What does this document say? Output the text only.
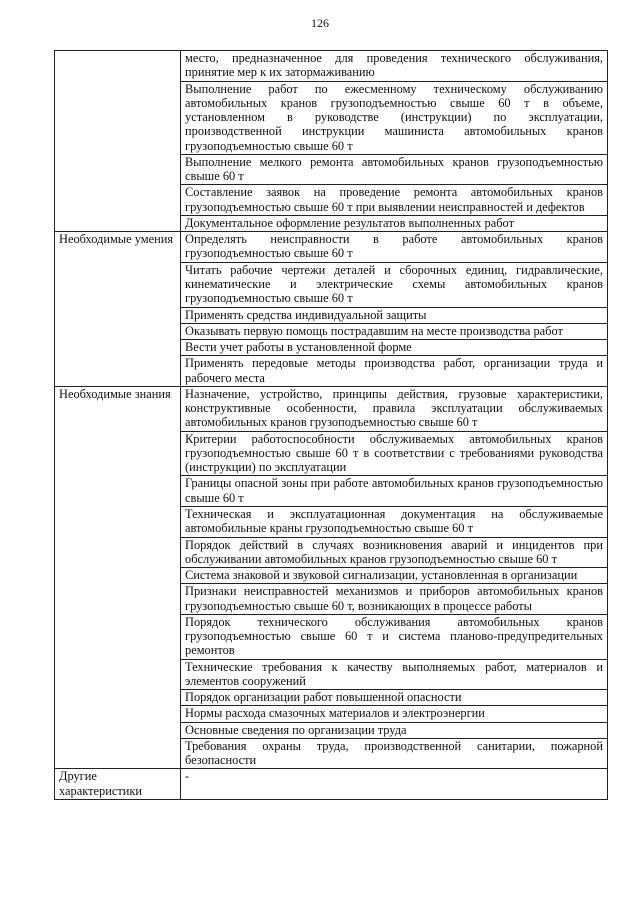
126
	место, предназначенное для проведения технического обслуживания, принятие мер к их затормаживанию
	Выполнение работ по ежесменному техническому обслуживанию автомобильных кранов грузоподъемностью свыше 60 т в объеме, установленном в руководстве (инструкции) по эксплуатации, производственной инструкции машиниста автомобильных кранов грузоподъемностью свыше 60 т
	Выполнение мелкого ремонта автомобильных кранов грузоподъемностью свыше 60 т
	Составление заявок на проведение ремонта автомобильных кранов грузоподъемностью свыше 60 т при выявлении неисправностей и дефектов
	Документальное оформление результатов выполненных работ
Необходимые умения	Определять неисправности в работе автомобильных кранов грузоподъемностью свыше 60 т
	Читать рабочие чертежи деталей и сборочных единиц, гидравлические, кинематические и электрические схемы автомобильных кранов грузоподъемностью свыше 60 т
	Применять средства индивидуальной защиты
	Оказывать первую помощь пострадавшим на месте производства работ
	Вести учет работы в установленной форме
	Применять передовые методы производства работ, организации труда и рабочего места
Необходимые знания	Назначение, устройство, принципы действия, грузовые характеристики, конструктивные особенности, правила эксплуатации обслуживаемых автомобильных кранов грузоподъемностью свыше 60 т
	Критерии работоспособности обслуживаемых автомобильных кранов грузоподъемностью свыше 60 т в соответствии с требованиями руководства (инструкции) по эксплуатации
	Границы опасной зоны при работе автомобильных кранов грузоподъемностью свыше 60 т
	Техническая и эксплуатационная документация на обслуживаемые автомобильные краны грузоподъемностью свыше 60 т
	Порядок действий в случаях возникновения аварий и инцидентов при обслуживании автомобильных кранов грузоподъемностью свыше 60 т
	Система знаковой и звуковой сигнализации, установленная в организации
	Признаки неисправностей механизмов и приборов автомобильных кранов грузоподъемностью свыше 60 т, возникающих в процессе работы
	Порядок технического обслуживания автомобильных кранов грузоподъемностью свыше 60 т и система планово-предупредительных ремонтов
	Технические требования к качеству выполняемых работ, материалов и элементов сооружений
	Порядок организации работ повышенной опасности
	Нормы расхода смазочных материалов и электроэнергии
	Основные сведения по организации труда
	Требования охраны труда, производственной санитарии, пожарной безопасности
Другие характеристики	-
